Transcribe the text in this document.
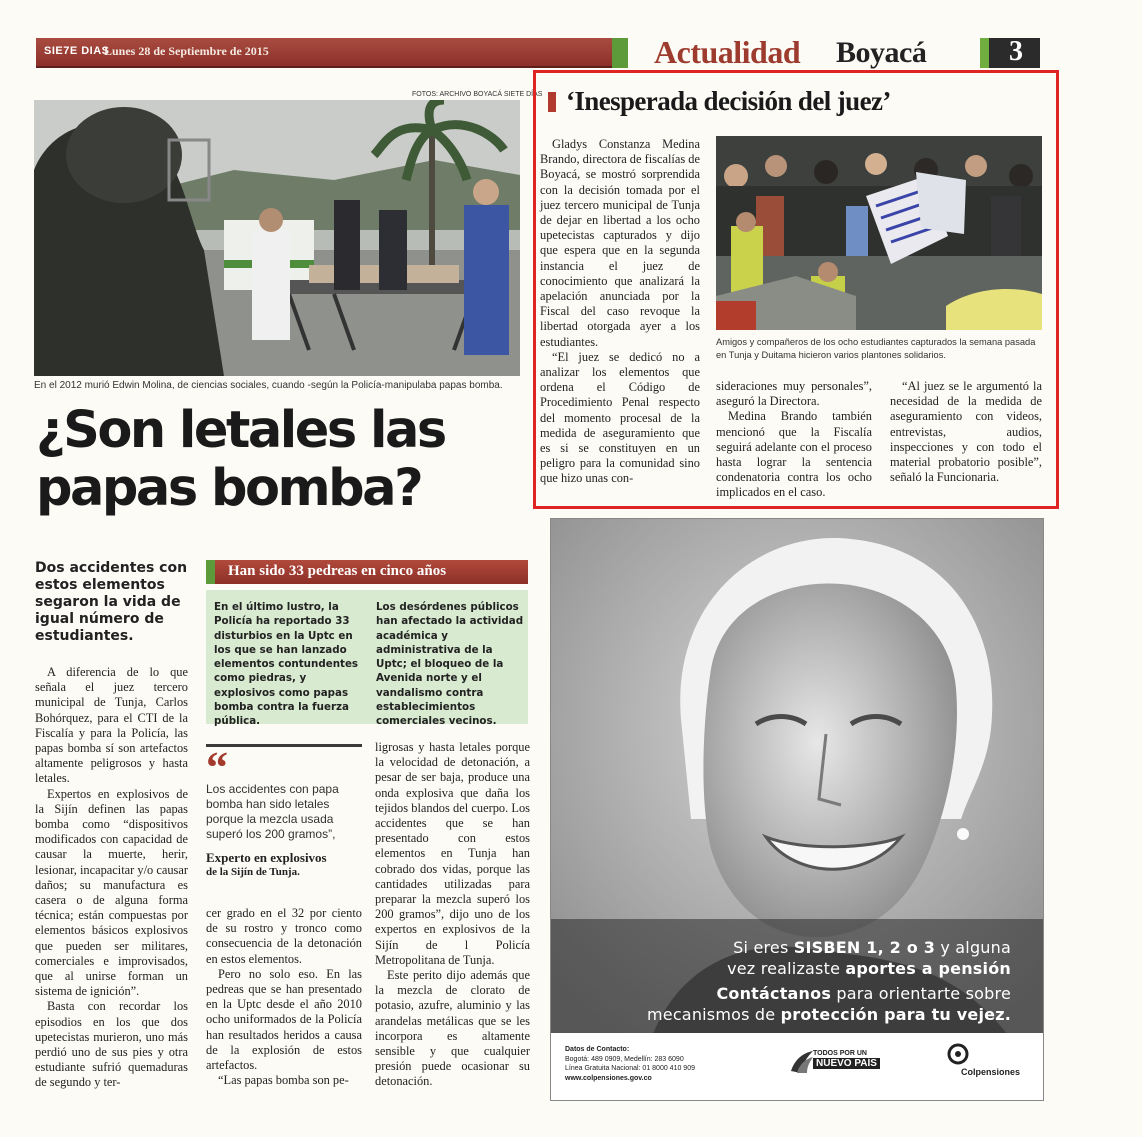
SIE7E DIAS
Lunes 28 de Septiembre de 2015	Actualidad Boyacá	3
FOTOS: ARCHIVO BOYACÁ SIETE DÍAS
En el 2012 murió Edwin Molina, de ciencias sociales, cuando -según la Policía-manipulaba papas bomba.
¿Son letales las
papas bomba?
Dos accidentes con estos elementos segaron la vida de igual número de estudiantes.

A diferencia de lo que señala el juez tercero municipal de Tunja, Carlos Bohórquez, para el CTI de la Fiscalía y para la Policía, las papas bomba sí son artefactos altamente peligrosos y hasta letales.

Expertos en explosivos de la Sijín definen las papas bomba como “dispositivos modificados con capacidad de causar la muerte, herir, lesionar, incapacitar y/o causar daños; su manufactura es casera o de alguna forma técnica; están compuestas por elementos básicos explosivos que pueden ser militares, comerciales e improvisados, que al unirse forman un sistema de ignición”.

Basta con recordar los episodios en los que dos upetecistas murieron, uno más perdió uno de sus pies y otra estudiante sufrió quemaduras de segundo y ter-

Han sido 33 pedreas en cinco años
En el último lustro, la Policía ha reportado 33 disturbios en la Uptc en los que se han lanzado elementos contundentes como piedras, y explosivos como papas bomba contra la fuerza pública.
Los desórdenes públicos han afectado la actividad académica y administrativa de la Uptc; el bloqueo de la Avenida norte y el vandalismo contra establecimientos comerciales vecinos.
“
Los accidentes con papa bomba han sido letales porque la mezcla usada superó los 200 gramos”,
Experto en explosivos
de la Sijín de Tunja.

cer grado en el 32 por ciento de su rostro y tronco como consecuencia de la detonación en estos elementos.

Pero no solo eso. En las pedreas que se han presentado en la Uptc desde el año 2010 ocho uniformados de la Policía han resultados heridos a causa de la explosión de estos artefactos.

“Las papas bomba son pe-

ligrosas y hasta letales porque la velocidad de detonación, a pesar de ser baja, produce una onda explosiva que daña los tejidos blandos del cuerpo. Los accidentes que se han presentado con estos elementos en Tunja han cobrado dos vidas, porque las cantidades utilizadas para preparar la mezcla superó los 200 gramos”, dijo uno de los expertos en explosivos de la Sijín de l Policía Metropolitana de Tunja.

Este perito dijo además que la mezcla de clorato de potasio, azufre, aluminio y las arandelas metálicas que se les incorpora es altamente sensible y que cualquier presión puede ocasionar su detonación.

‘Inesperada decisión del juez’

Gladys Constanza Medina Brando, directora de fiscalías de Boyacá, se mostró sorprendida con la decisión tomada por el juez tercero municipal de Tunja de dejar en libertad a los ocho upetecistas capturados y dijo que espera que en la segunda instancia el juez de conocimiento que analizará la apelación anunciada por la Fiscal del caso revoque la libertad otorgada ayer a los estudiantes.

“El juez se dedicó no a analizar los elementos que ordena el Código de Procedimiento Penal respecto del momento procesal de la medida de aseguramiento que es si se constituyen en un peligro para la comunidad sino que hizo unas con-

Amigos y compañeros de los ocho estudiantes capturados la semana pasada en Tunja y Duitama hicieron varios plantones solidarios.

sideraciones muy personales”, aseguró la Directora.

Medina Brando también mencionó que la Fiscalía seguirá adelante con el proceso hasta lograr la sentencia condenatoria contra los ocho implicados en el caso.

“Al juez se le argumentó la necesidad de la medida de aseguramiento con videos, entrevistas, audios, inspecciones y con todo el material probatorio posible”, señaló la Funcionaria.

Si eres SISBEN 1, 2 o 3 y alguna
vez realizaste aportes a pensión
Contáctanos para orientarte sobre
mecanismos de protección para tu vejez.
Datos de Contacto:
Bogotá: 489 0909, Medellín: 283 6090
Línea Gratuita Nacional: 01 8000 410 909
www.colpensiones.gov.co
TODOS POR UN
NUEVO PAÍS
Colpensiones
